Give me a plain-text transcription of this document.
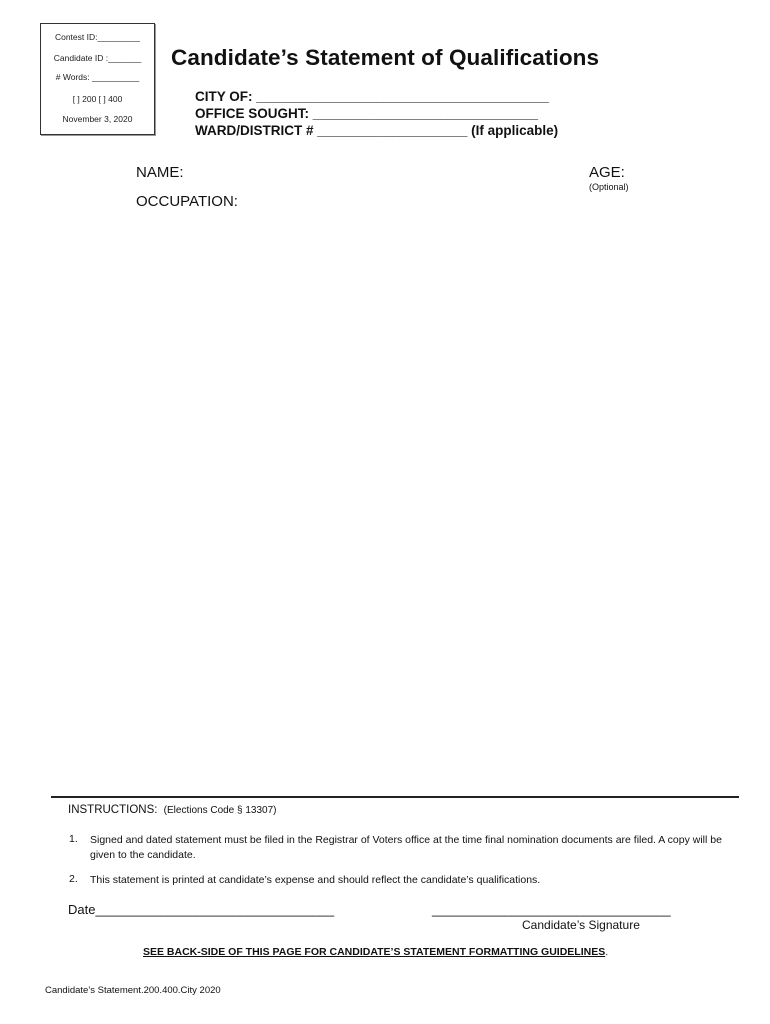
Contest ID:_________
Candidate ID :_______
# Words: __________
[ ] 200 [ ] 400
November 3, 2020
Candidate’s Statement of Qualifications
CITY OF: _______________________________________
OFFICE SOUGHT: ______________________________
WARD/DISTRICT # ____________________ (If applicable)
NAME:	AGE:
(Optional)
OCCUPATION:
INSTRUCTIONS: (Elections Code § 13307)
1. Signed and dated statement must be filed in the Registrar of Voters office at the time final nomination documents are filed. A copy will be given to the candidate.
2. This statement is printed at candidate’s expense and should reflect the candidate’s qualifications.
Date_________________________________	_________________________________
Candidate’s Signature
SEE BACK-SIDE OF THIS PAGE FOR CANDIDATE’S STATEMENT FORMATTING GUIDELINES.
Candidate’s Statement.200.400.City 2020
